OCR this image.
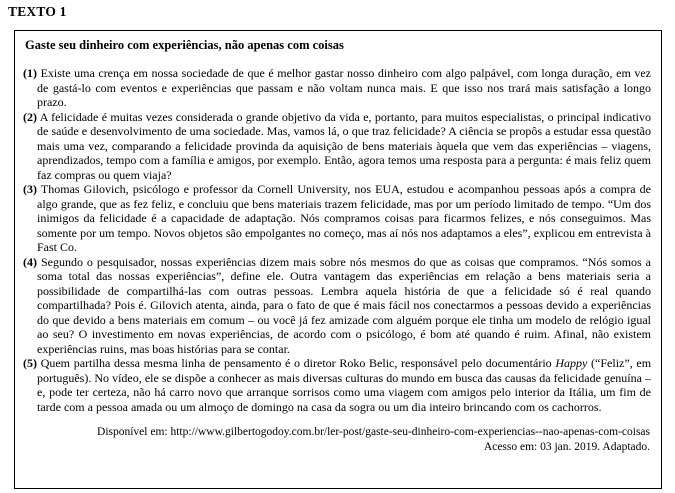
TEXTO 1
Gaste seu dinheiro com experiências, não apenas com coisas

(1) Existe uma crença em nossa sociedade de que é melhor gastar nosso dinheiro com algo palpável, com longa duração, em vez de gastá-lo com eventos e experiências que passam e não voltam nunca mais. E que isso nos trará mais satisfação a longo prazo.

(2) A felicidade é muitas vezes considerada o grande objetivo da vida e, portanto, para muitos especialistas, o principal indicativo de saúde e desenvolvimento de uma sociedade. Mas, vamos lá, o que traz felicidade? A ciência se propôs a estudar essa questão mais uma vez, comparando a felicidade provinda da aquisição de bens materiais àquela que vem das experiências – viagens, aprendizados, tempo com a família e amigos, por exemplo. Então, agora temos uma resposta para a pergunta: é mais feliz quem faz compras ou quem viaja?

(3) Thomas Gilovich, psicólogo e professor da Cornell University, nos EUA, estudou e acompanhou pessoas após a compra de algo grande, que as fez feliz, e concluiu que bens materiais trazem felicidade, mas por um período limitado de tempo. “Um dos inimigos da felicidade é a capacidade de adaptação. Nós compramos coisas para ficarmos felizes, e nós conseguimos. Mas somente por um tempo. Novos objetos são empolgantes no começo, mas aí nós nos adaptamos a eles”, explicou em entrevista à Fast Co.

(4) Segundo o pesquisador, nossas experiências dizem mais sobre nós mesmos do que as coisas que compramos. “Nós somos a soma total das nossas experiências”, define ele. Outra vantagem das experiências em relação a bens materiais seria a possibilidade de compartilhá-las com outras pessoas. Lembra aquela história de que a felicidade só é real quando compartilhada? Pois é. Gilovich atenta, ainda, para o fato de que é mais fácil nos conectarmos a pessoas devido a experiências do que devido a bens materiais em comum – ou você já fez amizade com alguém porque ele tinha um modelo de relógio igual ao seu? O investimento em novas experiências, de acordo com o psicólogo, é bom até quando é ruim. Afinal, não existem experiências ruins, mas boas histórias para se contar.

(5) Quem partilha dessa mesma linha de pensamento é o diretor Roko Belic, responsável pelo documentário Happy (“Feliz”, em português). No vídeo, ele se dispõe a conhecer as mais diversas culturas do mundo em busca das causas da felicidade genuína – e, pode ter certeza, não há carro novo que arranque sorrisos como uma viagem com amigos pelo interior da Itália, um fim de tarde com a pessoa amada ou um almoço de domingo na casa da sogra ou um dia inteiro brincando com os cachorros.

Disponível em: http://www.gilbertogodoy.com.br/ler-post/gaste-seu-dinheiro-com-experiencias--nao-apenas-com-coisas
Acesso em: 03 jan. 2019. Adaptado.
